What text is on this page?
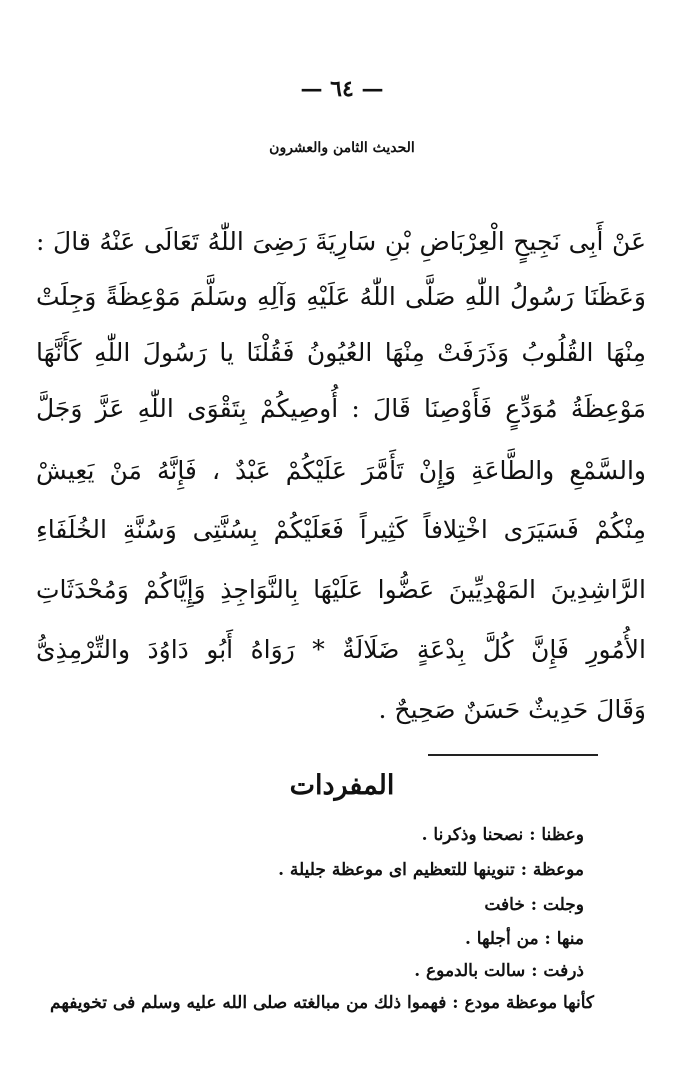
— ٦٤ —
الحديث الثامن والعشرون
عَنْ أَبِى نَجِيحٍ الْعِرْبَاضِ بْنِ سَارِيَةَ رَضِىَ اللّٰهُ تَعَالَى عَنْهُ قالَ :
وَعَظَنَا رَسُولُ اللّٰهِ صَلَّى اللّٰهُ عَلَيْهِ وَآلِهِ وسَلَّمَ مَوْعِظَةً وَجِلَتْ
مِنْهَا القُلُوبُ وَذَرَفَتْ مِنْهَا العُيُونُ فَقُلْنَا يا رَسُولَ اللّٰهِ كَأَنَّهَا
مَوْعِظَةُ مُوَدِّعٍ فَأَوْصِنَا قَالَ : أُوصِيكُمْ بِتَقْوَى اللّٰهِ عَزَّ وَجَلَّ
والسَّمْعِ والطَّاعَةِ وَإِنْ تَأَمَّرَ عَلَيْكُمْ عَبْدٌ ، فَإِنَّهُ مَنْ يَعِيشْ
مِنْكُمْ فَسَيَرَى اخْتِلافاً كَثِيراً فَعَلَيْكُمْ بِسُنَّتِى وَسُنَّةِ الخُلَفَاءِ
الرَّاشِدِينَ المَهْدِيِّينَ عَضُّوا عَلَيْهَا بِالنَّوَاجِذِ وَإِيَّاكُمْ وَمُحْدَثَاتِ
الأُمُورِ فَإِنَّ كُلَّ بِدْعَةٍ ضَلَالَةٌ * رَوَاهُ أَبُو دَاوُدَ والتِّرْمِذِىُّ
وَقَالَ حَدِيثٌ حَسَنٌ صَحِيحٌ .
المفردات
وعظنا : نصحنا وذكرنا .
موعظة : تنوينها للتعظيم اى موعظة جليلة .
وجلت : خافت
منها : من أجلها .
ذرفت : سالت بالدموع .
كأنها موعظة مودع : فهموا ذلك من مبالغته صلى الله عليه وسلم فى تخويفهم
